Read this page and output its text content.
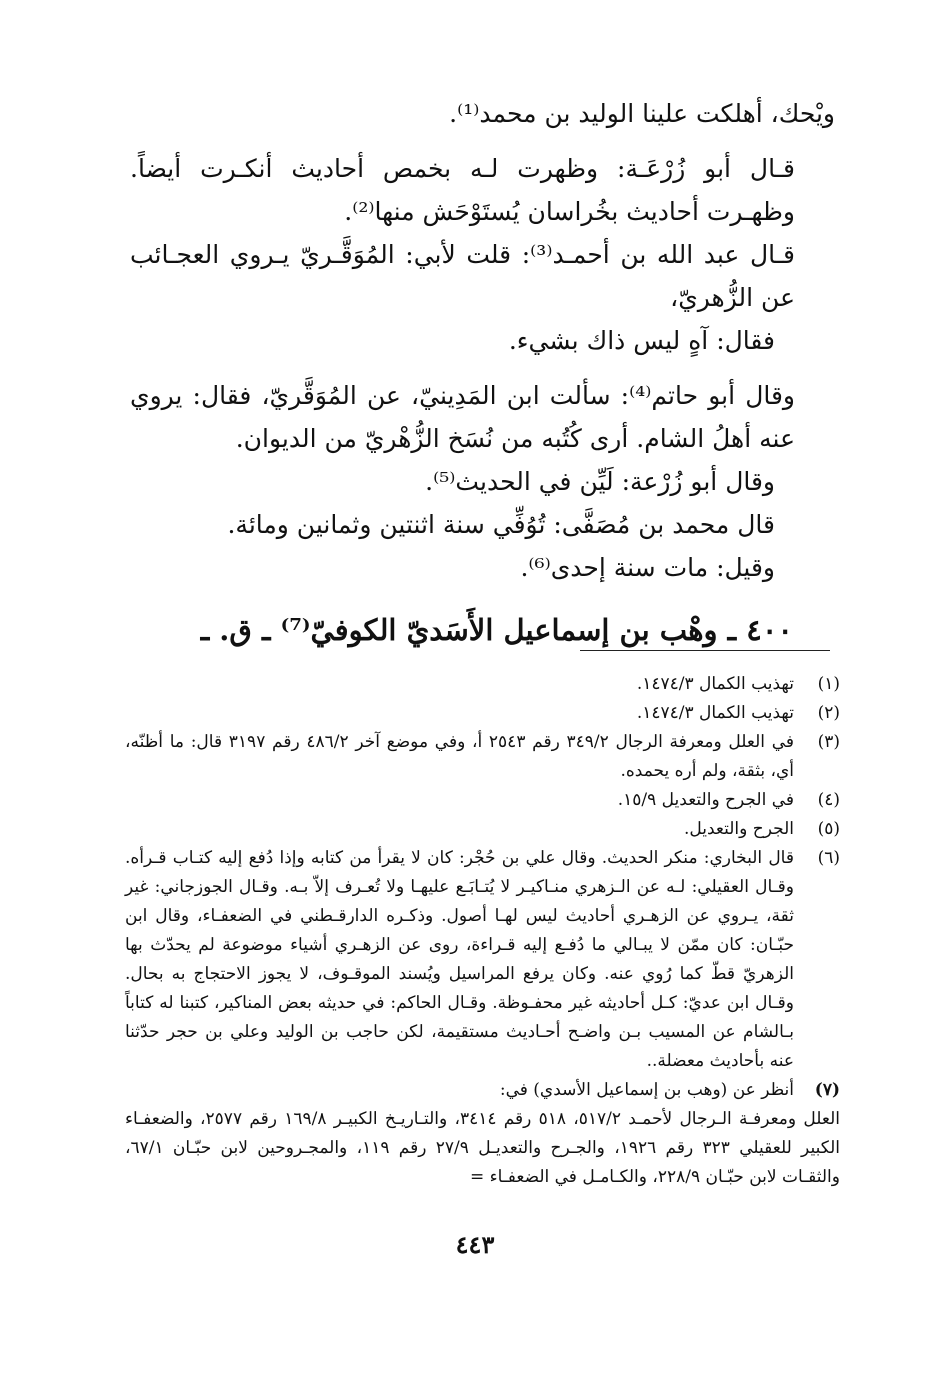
ويْحك، أهلكت علينا الوليد بن محمد⁽¹⁾.

قـال أبو زُرْعَـة: وظهرت لـه بخمص أحاديث أنكـرت أيضاً. وظهـرت أحاديث بخُراسان يُستَوْحَش منها⁽²⁾.

قـال عبد الله بن أحمـد⁽³⁾: قلت لأبي: المُوَقَّـريّ يـروي العجـائب عن الزُّهريّ،

فقال: آهٍ ليس ذاك بشيء.

وقال أبو حاتم⁽⁴⁾: سألت ابن المَدِينيّ، عن المُوَقَّريّ، فقال: يروي عنه أهلُ الشام. أرى كُتُبه من نُسَخ الزُّهْريّ من الديوان.

وقال أبو زُرْعة: لَيِّن في الحديث⁽⁵⁾.

قال محمد بن مُصَفَّى: تُوُفِّي سنة اثنتين وثمانين ومائة.

وقيل: مات سنة إحدى⁽⁶⁾.

٤٠٠ ـ وهْب بن إسماعيل الأَسَديّ الكوفيّ⁽⁷⁾ ـ ق. ـ

(١)

تهذيب الكمال ١٤٧٤/٣.

(٢)

تهذيب الكمال ١٤٧٤/٣.

(٣)

في العلل ومعرفة الرجال ٣٤٩/٢ رقم ٢٥٤٣ أ، وفي موضع آخر ٤٨٦/٢ رقم ٣١٩٧ قال: ما أظنّه، أي، بثقة، ولم أره يحمده.

(٤)

في الجرح والتعديل ١٥/٩.

(٥)

الجرح والتعديل.

(٦)

قال البخاري: منكر الحديث. وقال علي بن حُجْر: كان لا يقرأ من كتابه وإذا دُفع إليه كتـاب قـرأه. وقـال العقيلي: لـه عن الـزهري منـاكيـر لا يُتـابَـع عليهـا ولا تُعـرف إلاّ بـه. وقـال الجوزجاني: غير ثقة، يـروي عن الزهـري أحاديث ليس لهـا أصول. وذكـره الدارقـطني في الضعفـاء، وقال ابن حبّـان: كان ممّن لا يبـالي ما دُفـع إليه قـراءة، روى عن الزهـري أشياء موضوعة لم يحدّث بها الزهريّ قطّ كما رُوي عنه. وكان يرفع المراسيل ويُسند الموقـوف، لا يجوز الاحتجاج به بحال. وقـال ابن عديّ: كـل أحاديثه غير محفـوظة. وقـال الحاكم: في حديثه بعض المناكير، كتبنا له كتاباً بـالشام عن المسيب بـن واضـح أحـاديث مستقيمة، لكن حاجب بن الوليد وعلي بن حجر حدّثنا عنه بأحاديث معضلة..

(٧)

أنظر عن (وهب بن إسماعيل الأسدي) في:

العلل ومعرفـة الـرجال لأحمـد ٥١٧/٢، ٥١٨ رقم ٣٤١٤، والتـاريـخ الكبيـر ١٦٩/٨ رقم ٢٥٧٧، والضعفـاء الكبير للعقيلي ٣٢٣ رقم ١٩٢٦، والجـرح والتعديـل ٢٧/٩ رقم ١١٩، والمجـروحين لابن حبّـان ٦٧/١، والثقـات لابن حبّـان ٢٢٨/٩، والكـامـل في الضعفـاء =

٤٤٣
